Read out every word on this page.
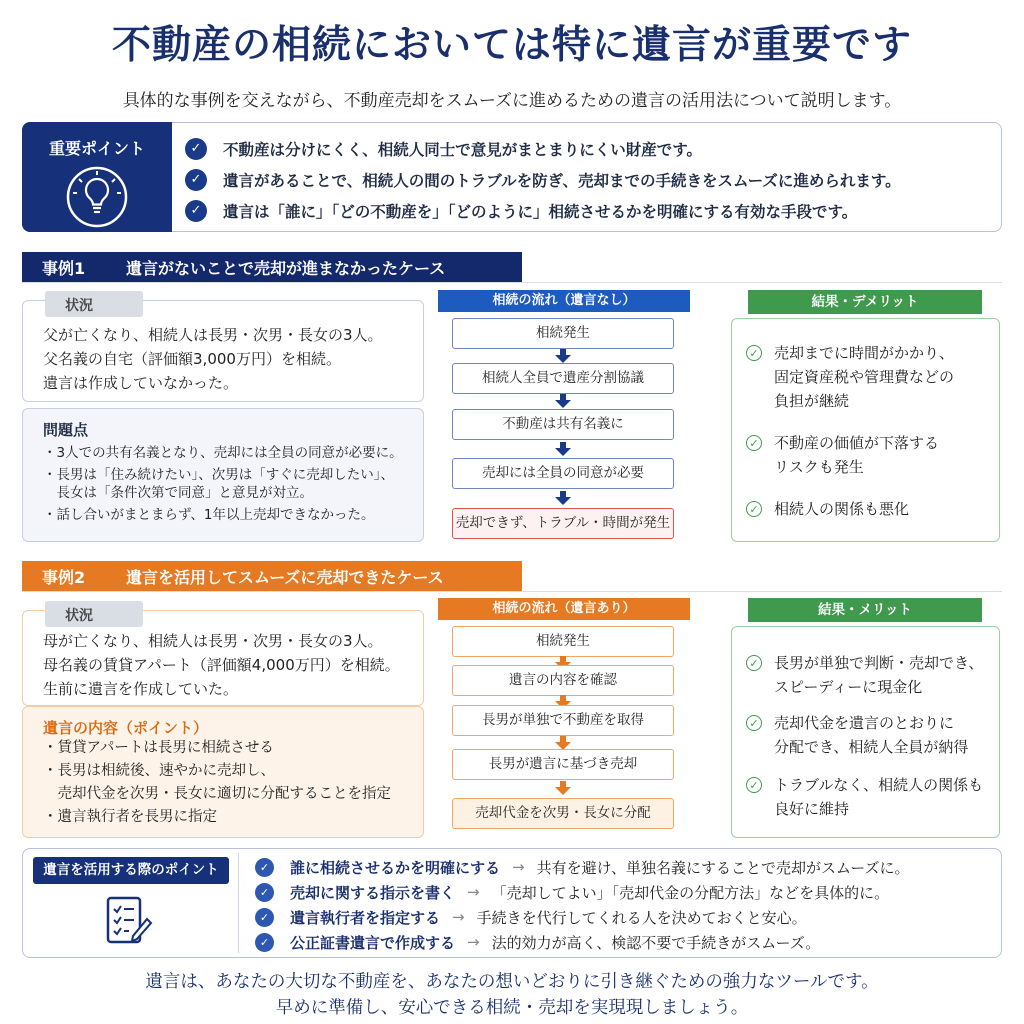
不動産の相続においては特に遺言が重要です
具体的な事例を交えながら、不動産売却をスムーズに進めるための遺言の活用法について説明します。
重要ポイント	✓	不動産は分けにくく、相続人同士で意見がまとまりにくい財産です。
✓	遺言があることで、相続人の間のトラブルを防ぎ、売却までの手続きをスムーズに進められます。
✓	遺言は「誰に」「どの不動産を」「どのように」相続させるかを明確にする有効な手段です。
事例1	遺言がないことで売却が進まなかったケース
状況
父が亡くなり、相続人は長男・次男・長女の3人。
父名義の自宅（評価額3,000万円）を相続。
遺言は作成していなかった。
問題点
・3人での共有名義となり、売却には全員の同意が必要に。
・長男は「住み続けたい」、次男は「すぐに売却したい」、
　長女は「条件次第で同意」と意見が対立。
・話し合いがまとまらず、1年以上売却できなかった。
相続の流れ（遺言なし）
相続発生
相続人全員で遺産分割協議
不動産は共有名義に
売却には全員の同意が必要
売却できず、トラブル・時間が発生
結果・デメリット
✓ 売却までに時間がかかり、
固定資産税や管理費などの
負担が継続
✓ 不動産の価値が下落する
リスクも発生
✓ 相続人の関係も悪化
事例2	遺言を活用してスムーズに売却できたケース
状況
母が亡くなり、相続人は長男・次男・長女の3人。
母名義の賃貸アパート（評価額4,000万円）を相続。
生前に遺言を作成していた。
遺言の内容（ポイント）
・賃貸アパートは長男に相続させる
・長男は相続後、速やかに売却し、
　売却代金を次男・長女に適切に分配することを指定
・遺言執行者を長男に指定
相続の流れ（遺言あり）
相続発生
遺言の内容を確認
長男が単独で不動産を取得
長男が遺言に基づき売却
売却代金を次男・長女に分配
結果・メリット
✓ 長男が単独で判断・売却でき、
スピーディーに現金化
✓ 売却代金を遺言のとおりに
分配でき、相続人全員が納得
✓ トラブルなく、相続人の関係も
良好に維持
遺言を活用する際のポイント	✓	誰に相続させるかを明確にする → 共有を避け、単独名義にすることで売却がスムーズに。
✓	売却に関する指示を書く → 「売却してよい」「売却代金の分配方法」などを具体的に。
✓	遺言執行者を指定する → 手続きを代行してくれる人を決めておくと安心。
✓	公正証書遺言で作成する → 法的効力が高く、検認不要で手続きがスムーズ。
遺言は、あなたの大切な不動産を、あなたの想いどおりに引き継ぐための強力なツールです。
早めに準備し、安心できる相続・売却を実現現しましょう。
